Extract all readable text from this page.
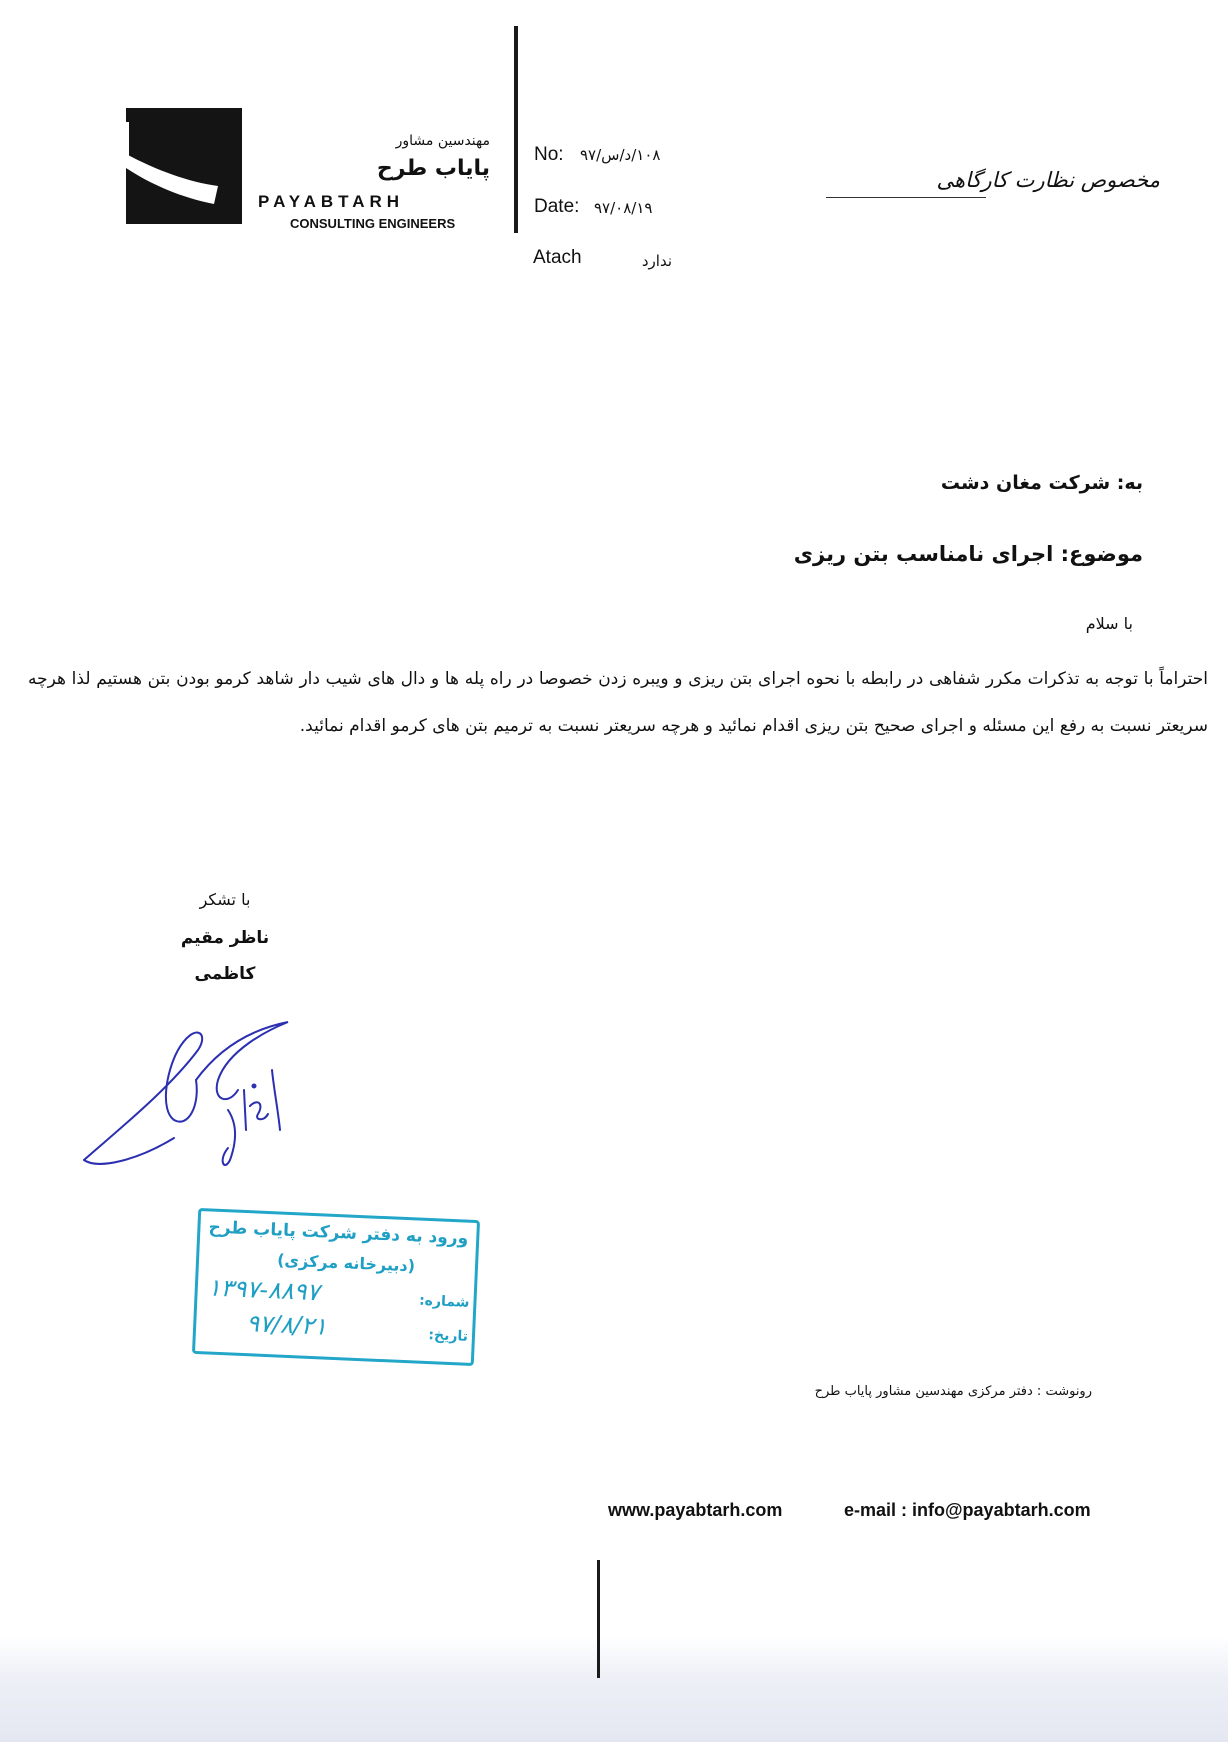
مهندسین مشاور
پایاب طرح
PAYABTARH
CONSULTING ENGINEERS
No: ۱۰۸/د/س/۹۷
Date: ۹۷/۰۸/۱۹
Atach	ندارد
مخصوص نظارت کارگاهی
به: شرکت مغان دشت
موضوع: اجرای نامناسب بتن ریزی
با سلام
احتراماً با توجه به تذکرات مکرر شفاهی در رابطه با نحوه اجرای بتن ریزی و ویبره زدن خصوصا در راه پله ها و دال های شیب دار شاهد کرمو بودن بتن هستیم لذا هرچه سریعتر نسبت به رفع این مسئله و اجرای صحیح بتن ریزی اقدام نمائید و هرچه سریعتر نسبت به ترمیم بتن های کرمو اقدام نمائید.
با تشکر
ناظر مقیم
کاظمی
ورود به دفتر شرکت پایاب طرح
(دبیرخانه مرکزی)
شماره:
۱۳۹۷-۸۸۹۷
تاریخ:
۹۷/۸/۲۱
رونوشت : دفتر مرکزی مهندسین مشاور پایاب طرح
www.payabtarh.com	e-mail : info@payabtarh.com
